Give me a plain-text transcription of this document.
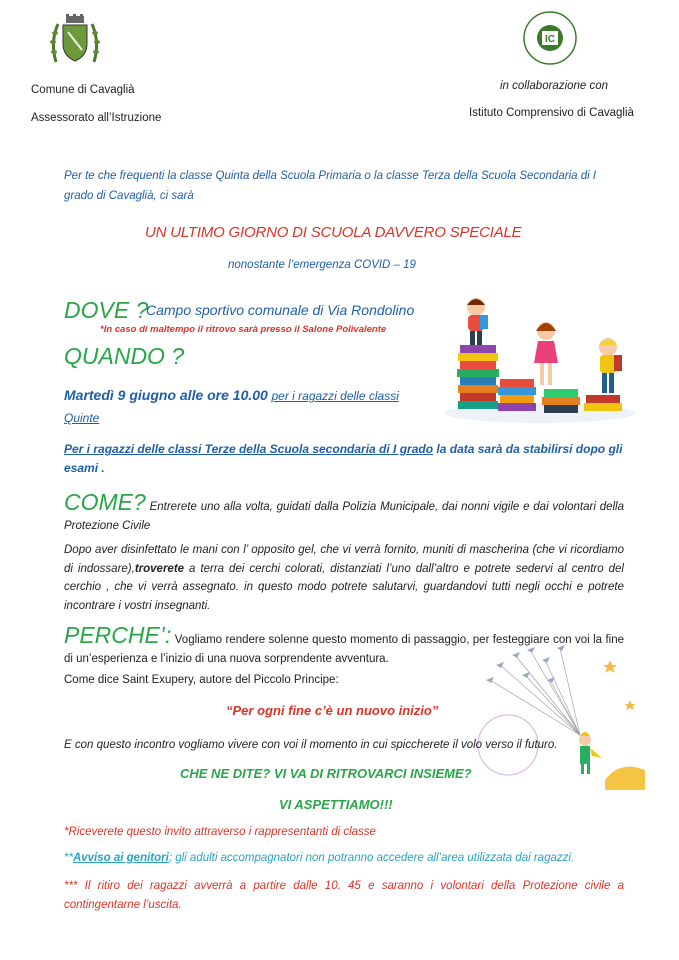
IC
Comune di Cavaglià
Assessorato all’Istruzione
in collaborazione con
Istituto Comprensivo di Cavaglià
Per te che frequenti la classe Quinta della Scuola Primaria o la classe Terza della Scuola Secondaria di I grado di Cavaglià, ci sarà
UN ULTIMO GIORNO DI SCUOLA DAVVERO SPECIALE
nonostante l’emergenza COVID – 19
DOVE ?
Campo sportivo comunale di Via Rondolino
*In caso di maltempo il ritrovo sarà presso il Salone Polivalente
QUANDO ?
Martedì 9 giugno alle ore 10.00 per i ragazzi delle classi Quinte
Per i ragazzi delle classi Terze della Scuola secondaria di I grado la data sarà da stabilirsi dopo gli esami .
COME? Entrerete uno alla volta, guidati dalla Polizia Municipale, dai nonni vigile e dai volontari della Protezione Civile
Dopo aver disinfettato le mani con l’ opposito gel, che vi verrà fornito, muniti di mascherina (che vi ricordiamo di indossare),troverete a terra dei cerchi colorati, distanziati l’uno dall’altro e potrete sedervi al centro del cerchio , che vi verrà assegnato. in questo modo potrete salutarvi, guardandovi tutti negli occhi e potrete incontrare i vostri insegnanti.
PERCHE’: Vogliamo rendere solenne questo momento di passaggio, per festeggiare con voi la fine di un’esperienza e l’inizio di una nuova sorprendente avventura.
Come dice Saint Exupery, autore del Piccolo Principe:
“Per ogni fine c’è un nuovo inizio”
E con questo incontro vogliamo vivere con voi il momento in cui spiccherete il volo verso il futuro.
CHE NE DITE? VI VA DI RITROVARCI INSIEME?
VI ASPETTIAMO!!!
*Riceverete questo invito attraverso i rappresentanti di classe
**Avviso ai genitori; gli adulti accompagnatori non potranno accedere all’area utilizzata dai ragazzi.
*** Il ritiro dei ragazzi avverrà a partire dalle 10. 45 e saranno i volontari della Protezione civile a contingentarne l’uscita.
